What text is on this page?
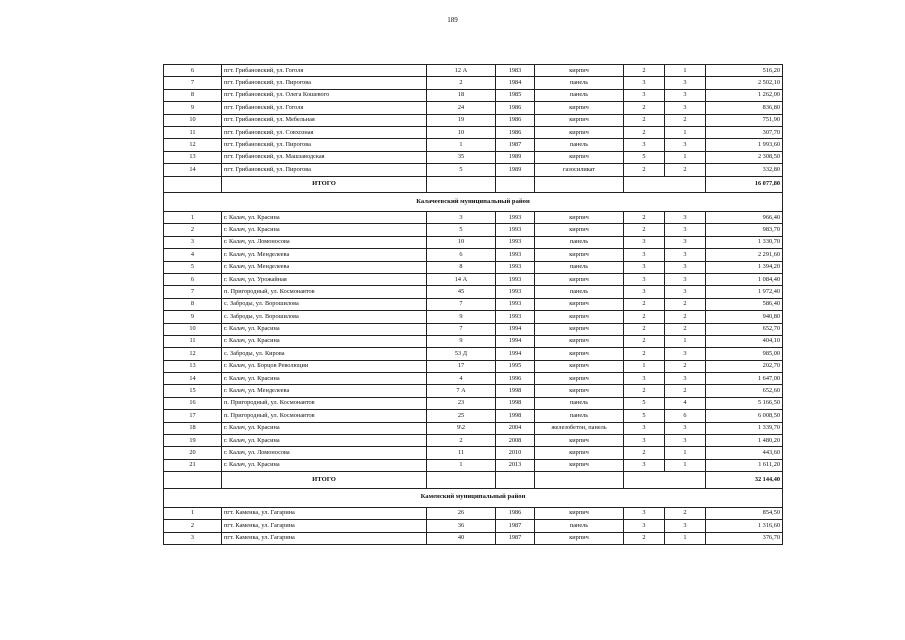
189
6	пгт. Грибановский, ул. Гоголя	12 А	1983	кирпич	2	1	516,20
7	пгт. Грибановский, ул. Пирогова	2	1984	панель	3	3	2 502,10
8	пгт. Грибановский, ул. Олега Кошевого	18	1985	панель	3	3	1 262,00
9	пгт. Грибановский, ул. Гоголя	24	1986	кирпич	2	3	836,80
10	пгт. Грибановский, ул. Мебельная	19	1986	кирпич	2	2	751,90
11	пгт. Грибановский, ул. Совхозная	10	1986	кирпич	2	1	307,70
12	пгт. Грибановский, ул. Пирогова	1	1987	панель	3	3	1 993,60
13	пгт. Грибановский, ул. Машзаводская	35	1989	кирпич	5	1	2 308,50
14	пгт. Грибановский, ул. Пирогова	5	1989	газосиликат	2	2	332,80
	ИТОГО						16 077,80
Калачеевский муниципальный район							
1	г. Калач, ул. Красина	3	1993	кирпич	2	3	966,40
2	г. Калач, ул. Красина	5	1993	кирпич	2	3	983,70
3	г. Калач, ул. Ломоносова	10	1993	панель	3	3	1 330,70
4	г. Калач, ул. Менделеева	6	1993	кирпич	3	3	2 291,60
5	г. Калач, ул. Менделеева	8	1993	панель	3	3	1 394,20
6	г. Калач, ул. Урожайная	14 А	1993	кирпич	3	3	1 084,40
7	п. Пригородный, ул. Космонавтов	45	1993	панель	3	3	1 972,40
8	с. Заброды, ул. Ворошилова	7	1993	кирпич	2	2	586,40
9	с. Заброды, ул. Ворошилова	9	1993	кирпич	2	2	940,80
10	г. Калач, ул. Красина	7	1994	кирпич	2	2	652,70
11	г. Калач, ул. Красина	9	1994	кирпич	2	1	404,10
12	с. Заброды, ул. Кирова	53 Д	1994	кирпич	2	3	985,00
13	г. Калач, ул. Борцов Революции	17	1995	кирпич	1	2	202,70
14	г. Калач, ул. Красина	4	1996	кирпич	3	3	1 647,00
15	г. Калач, ул. Менделеева	7 А	1998	кирпич	2	2	652,60
16	п. Пригородный, ул. Космонавтов	23	1998	панель	5	4	5 166,50
17	п. Пригородный, ул. Космонавтов	25	1998	панель	5	6	6 008,50
18	г. Калач, ул. Красина	9\2	2004	железобетон, панель	3	3	1 339,70
19	г. Калач, ул. Красина	2	2008	кирпич	3	3	1 480,20
20	г. Калач, ул. Ломоносова	11	2010	кирпич	2	1	443,60
21	г. Калач, ул. Красина	1	2013	кирпич	3	1	1 611,20
	ИТОГО						32 144,40
Каменский муниципальный район							
1	пгт. Каменка, ул. Гагарина	26	1986	кирпич	3	2	854,50
2	пгт. Каменка, ул. Гагарина	36	1987	панель	3	3	1 316,60
3	пгт. Каменка, ул. Гагарина	40	1987	кирпич	2	1	376,70
